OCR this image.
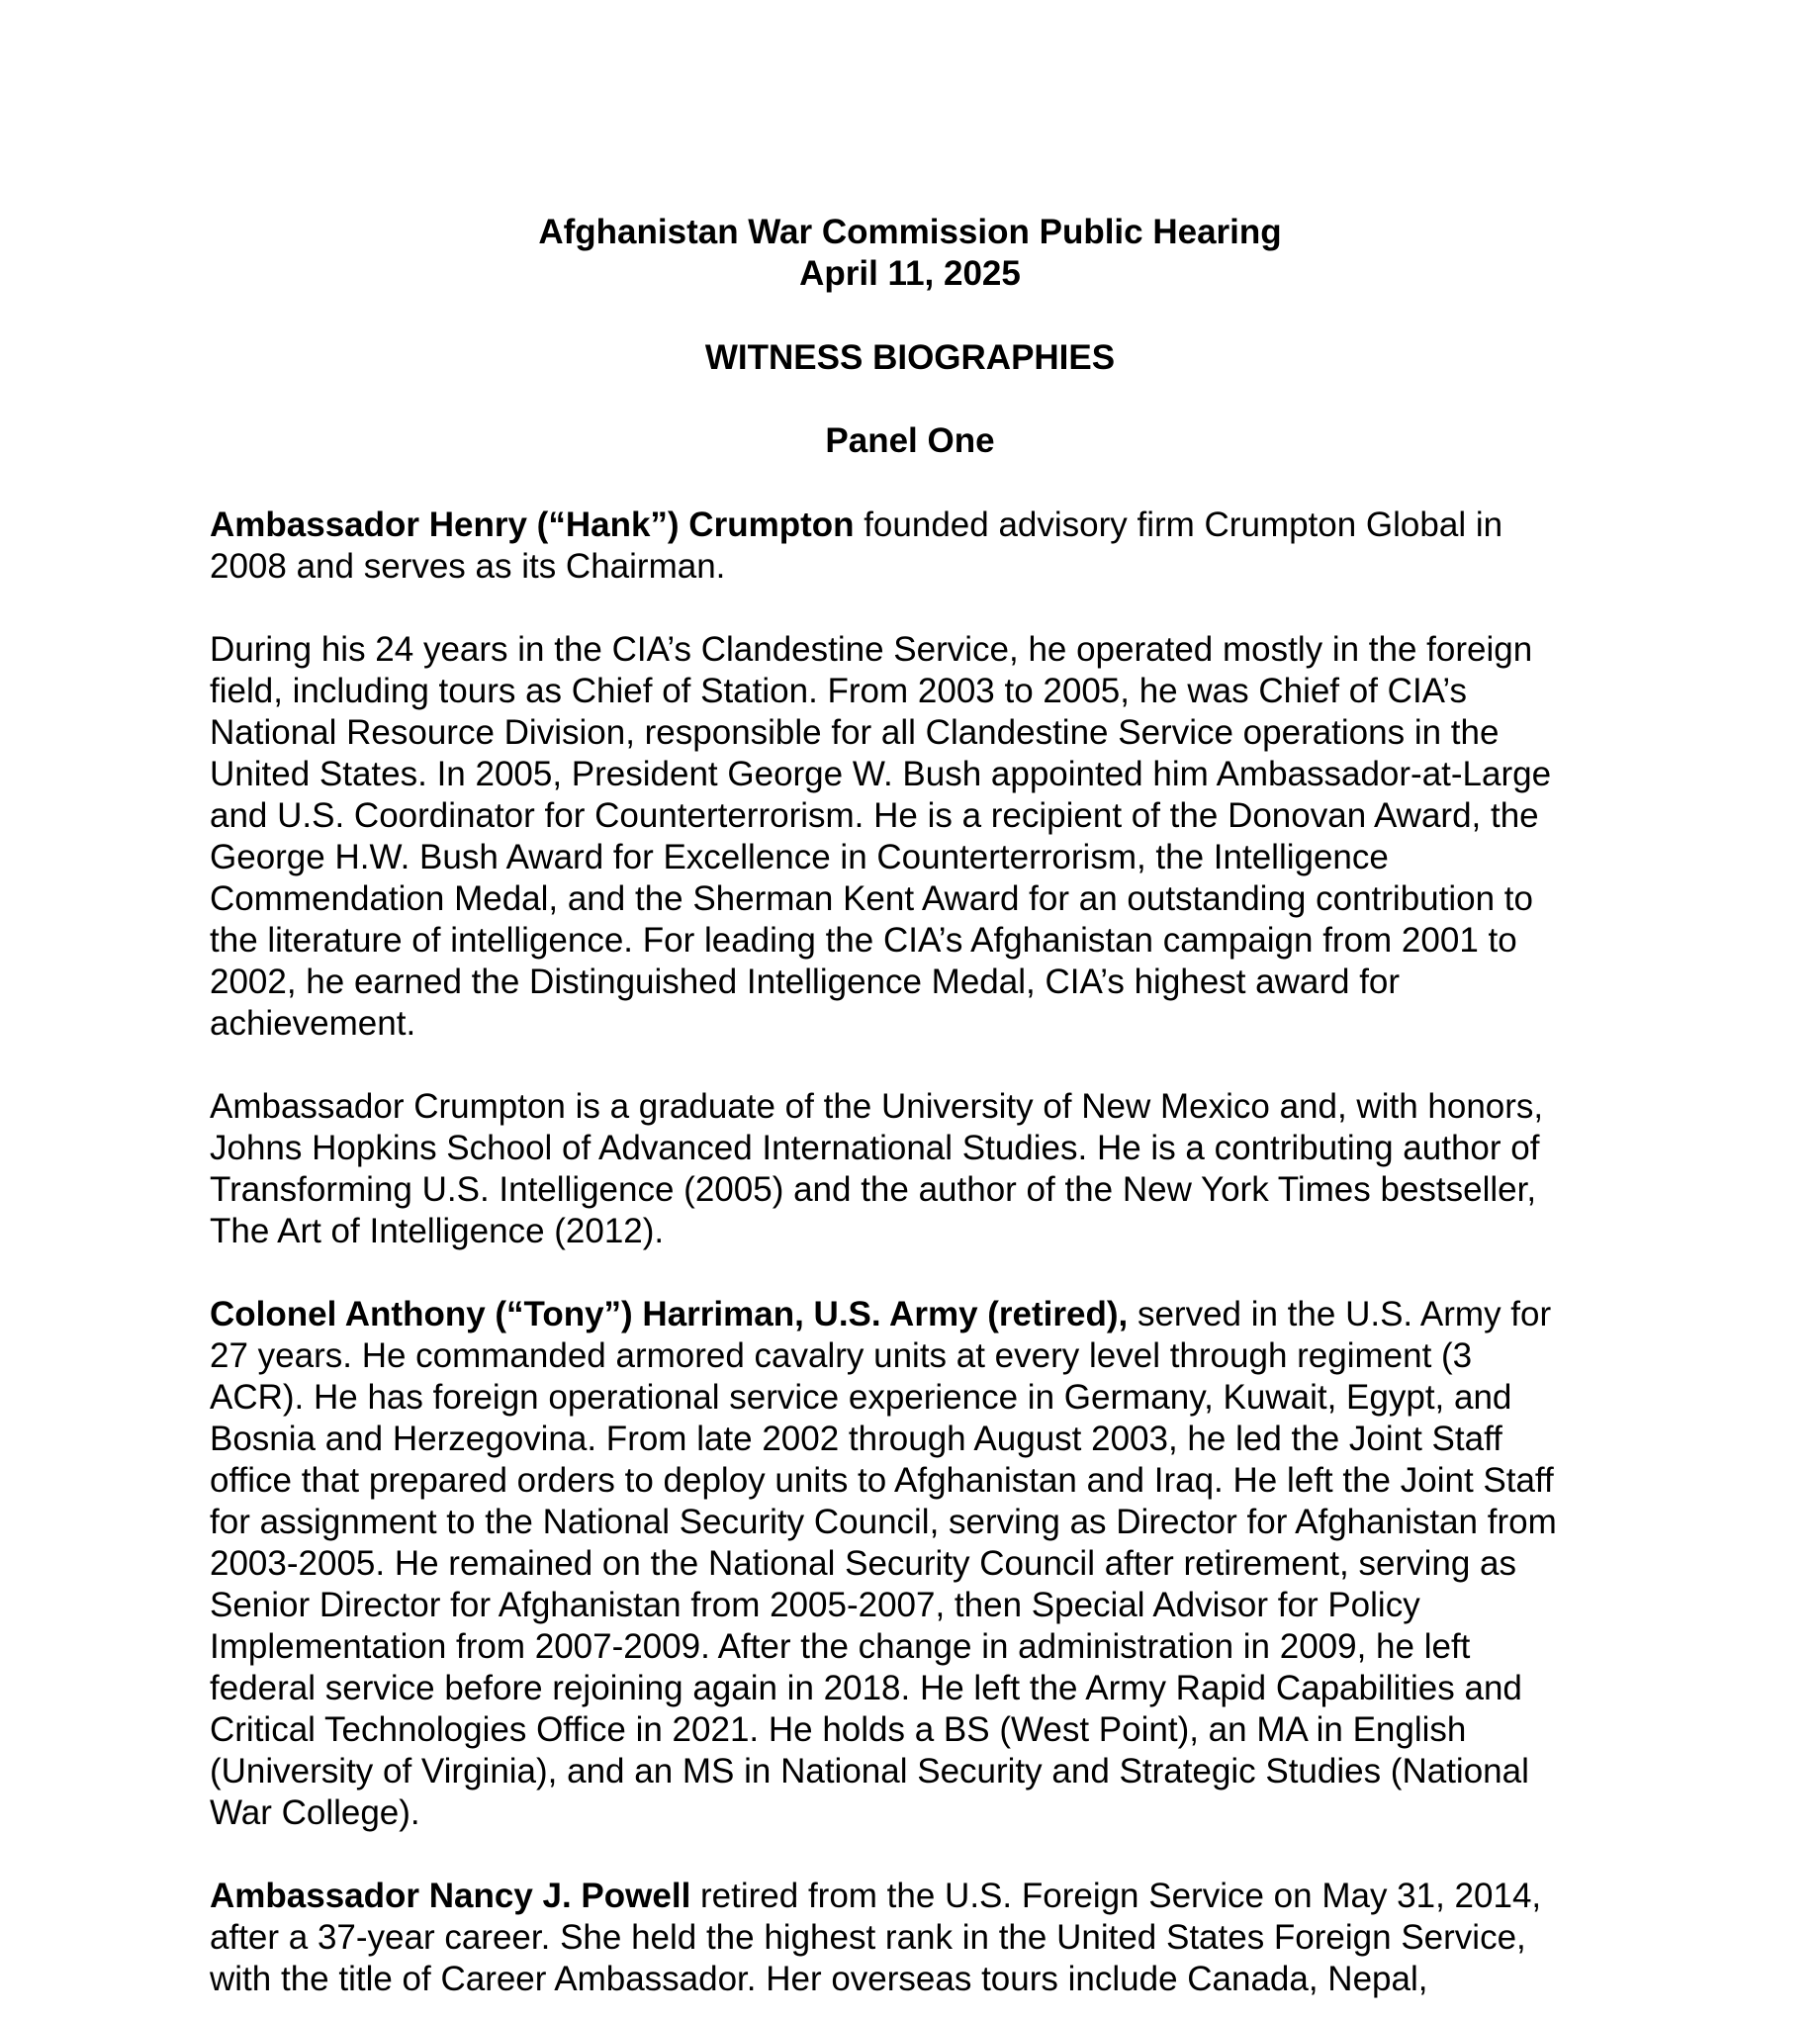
Afghanistan War Commission Public Hearing
April 11, 2025
WITNESS BIOGRAPHIES
Panel One
Ambassador Henry (“Hank”) Crumpton founded advisory firm Crumpton Global in
2008 and serves as its Chairman.
During his 24 years in the CIA’s Clandestine Service, he operated mostly in the foreign
field, including tours as Chief of Station. From 2003 to 2005, he was Chief of CIA’s
National Resource Division, responsible for all Clandestine Service operations in the
United States. In 2005, President George W. Bush appointed him Ambassador-at-Large
and U.S. Coordinator for Counterterrorism. He is a recipient of the Donovan Award, the
George H.W. Bush Award for Excellence in Counterterrorism, the Intelligence
Commendation Medal, and the Sherman Kent Award for an outstanding contribution to
the literature of intelligence. For leading the CIA’s Afghanistan campaign from 2001 to
2002, he earned the Distinguished Intelligence Medal, CIA’s highest award for
achievement.
Ambassador Crumpton is a graduate of the University of New Mexico and, with honors,
Johns Hopkins School of Advanced International Studies. He is a contributing author of
Transforming U.S. Intelligence (2005) and the author of the New York Times bestseller,
The Art of Intelligence (2012).
Colonel Anthony (“Tony”) Harriman, U.S. Army (retired), served in the U.S. Army for
27 years. He commanded armored cavalry units at every level through regiment (3
ACR). He has foreign operational service experience in Germany, Kuwait, Egypt, and
Bosnia and Herzegovina. From late 2002 through August 2003, he led the Joint Staff
office that prepared orders to deploy units to Afghanistan and Iraq. He left the Joint Staff
for assignment to the National Security Council, serving as Director for Afghanistan from
2003-2005. He remained on the National Security Council after retirement, serving as
Senior Director for Afghanistan from 2005-2007, then Special Advisor for Policy
Implementation from 2007-2009. After the change in administration in 2009, he left
federal service before rejoining again in 2018. He left the Army Rapid Capabilities and
Critical Technologies Office in 2021. He holds a BS (West Point), an MA in English
(University of Virginia), and an MS in National Security and Strategic Studies (National
War College).
Ambassador Nancy J. Powell retired from the U.S. Foreign Service on May 31, 2014,
after a 37-year career. She held the highest rank in the United States Foreign Service,
with the title of Career Ambassador. Her overseas tours include Canada, Nepal,
